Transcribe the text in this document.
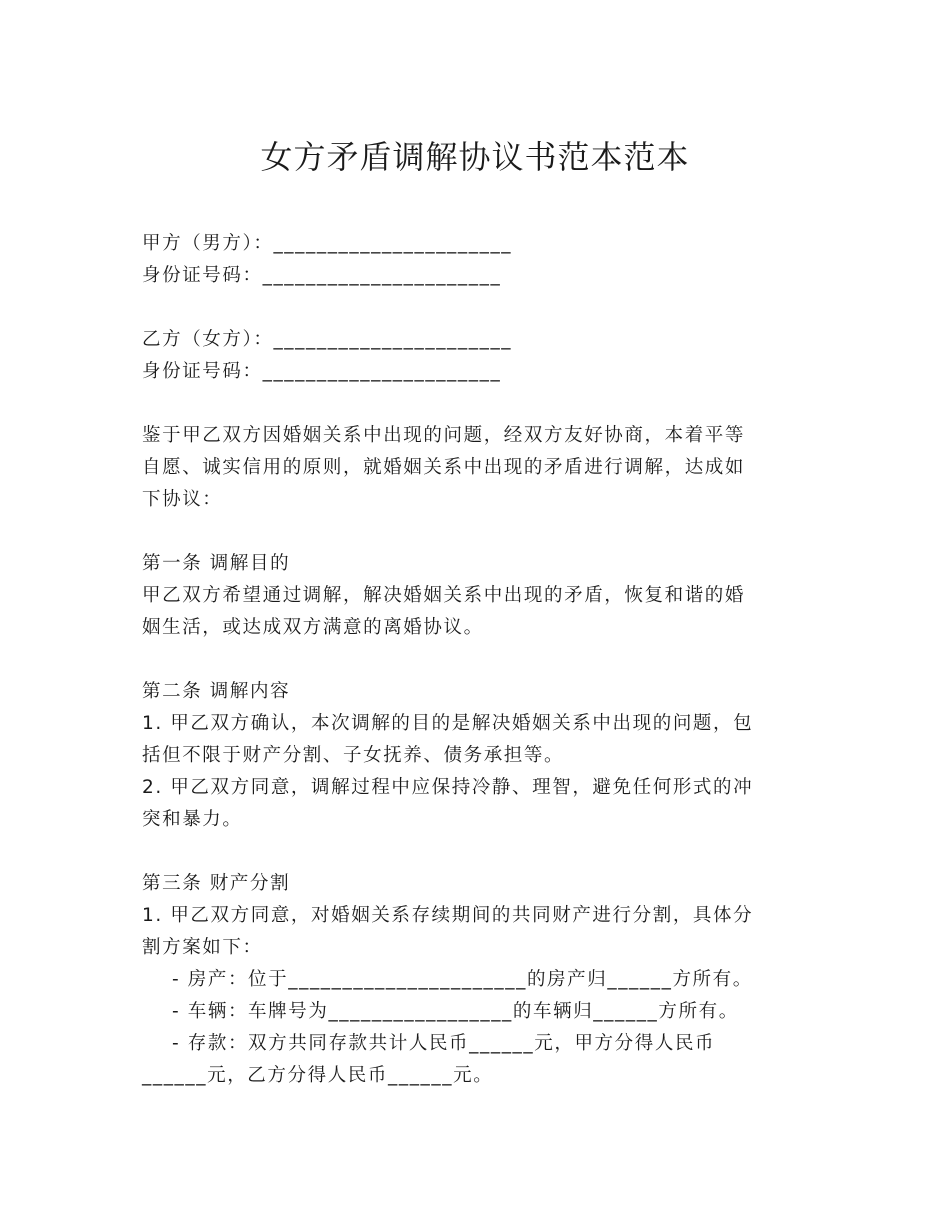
女方矛盾调解协议书范本范本
甲方（男方）：______________________
身份证号码：______________________
乙方（女方）：______________________
身份证号码：______________________
鉴于甲乙双方因婚姻关系中出现的问题，经双方友好协商，本着平等
自愿、诚实信用的原则，就婚姻关系中出现的矛盾进行调解，达成如
下协议：
第一条 调解目的
甲乙双方希望通过调解，解决婚姻关系中出现的矛盾，恢复和谐的婚
姻生活，或达成双方满意的离婚协议。
第二条 调解内容
1. 甲乙双方确认，本次调解的目的是解决婚姻关系中出现的问题，包
括但不限于财产分割、子女抚养、债务承担等。
2. 甲乙双方同意，调解过程中应保持冷静、理智，避免任何形式的冲
突和暴力。
第三条 财产分割
1. 甲乙双方同意，对婚姻关系存续期间的共同财产进行分割，具体分
割方案如下：
- 房产：位于______________________的房产归______方所有。
- 车辆：车牌号为_________________的车辆归______方所有。
- 存款：双方共同存款共计人民币______元，甲方分得人民币
______元，乙方分得人民币______元。
